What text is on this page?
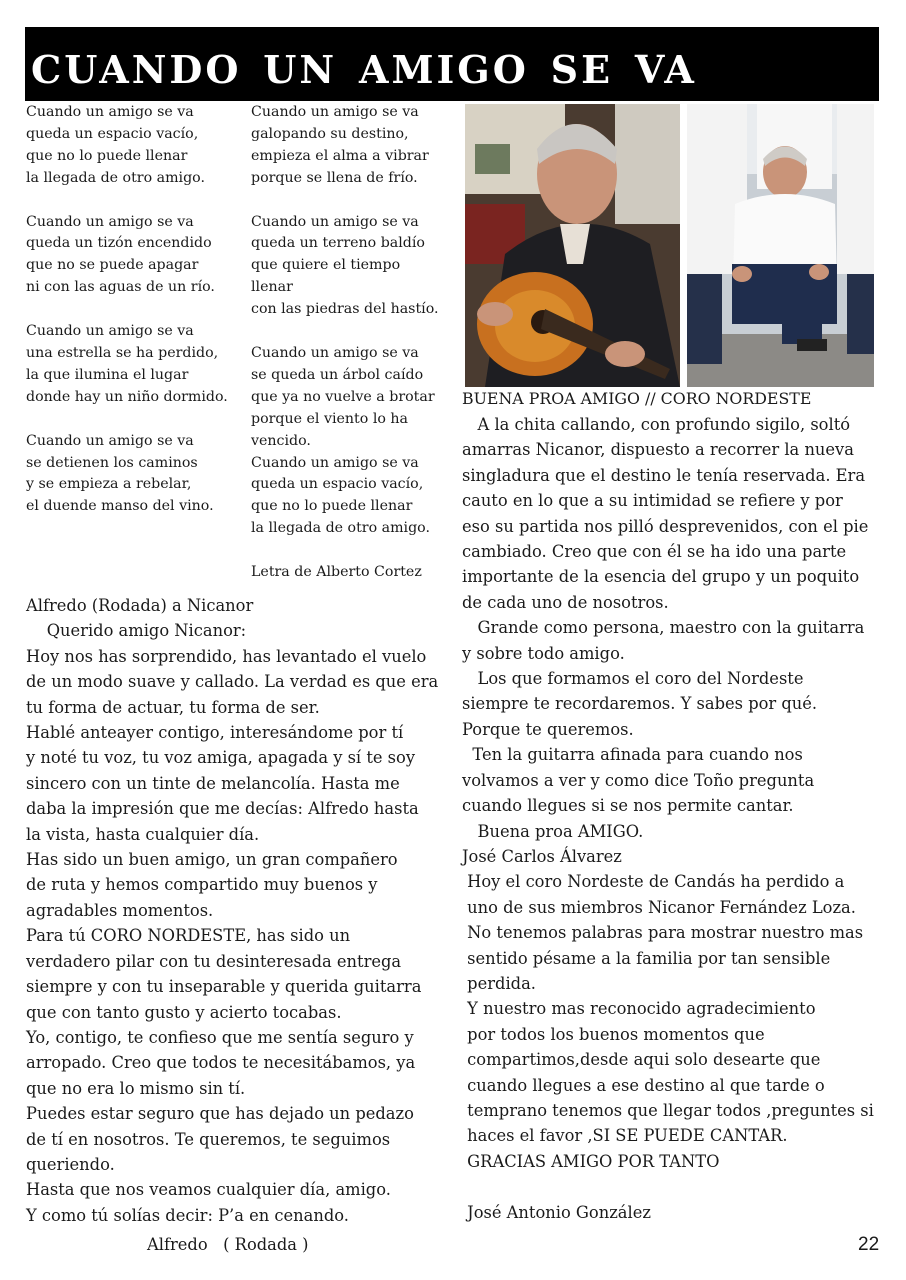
cuando un amigo se va

Cuando un amigo se va

queda un espacio vacío,

que no lo puede llenar

la llegada de otro amigo.

Cuando un amigo se va

queda un tizón encendido

que no se puede apagar

ni con las aguas de un río.

Cuando un amigo se va

una estrella se ha perdido,

la que ilumina el lugar

donde hay un niño dormido.

Cuando un amigo se va

se detienen los caminos

y se empieza a rebelar,

el duende manso del vino.

Cuando un amigo se va

galopando su destino,

empieza el alma a vibrar

porque se llena de frío.

Cuando un amigo se va

queda un terreno baldío

que quiere el tiempo

llenar

con las piedras del hastío.

Cuando un amigo se va

se queda un árbol caído

que ya no vuelve a brotar

porque el viento lo ha

vencido.

Cuando un amigo se va

queda un espacio vacío,

que no lo puede llenar

la llegada de otro amigo.

Letra de Alberto Cortez

BUENA PROA AMIGO // CORO NORDESTE

Alfredo (Rodada) a Nicanor

Querido amigo Nicanor:

Hoy nos has sorprendido, has levantado el vuelo

de un modo suave y callado. La verdad es que era

tu forma de actuar, tu forma de ser.

Hablé anteayer contigo, interesándome por tí

y noté tu voz, tu voz amiga, apagada y sí te soy

sincero con un tinte de melancolía. Hasta me

daba la impresión que me decías: Alfredo hasta

la vista, hasta cualquier día.

Has sido un buen amigo, un gran compañero

de ruta y hemos compartido muy buenos y

agradables momentos.

Para tú CORO NORDESTE, has sido un

verdadero pilar con tu desinteresada entrega

siempre y con tu inseparable y querida guitarra

que con tanto gusto y acierto tocabas.

Yo, contigo, te confieso que me sentía seguro y

arropado. Creo que todos te necesitábamos, ya

que no era lo mismo sin tí.

Puedes estar seguro que has dejado un pedazo

de tí en nosotros. Te queremos, te seguimos

queriendo.

Hasta que nos veamos cualquier día, amigo.

Y como tú solías decir: P’a en cenando.

Alfredo   ( Rodada )

A la chita callando, con profundo sigilo, soltó

amarras Nicanor, dispuesto a recorrer la nueva

singladura que el destino le tenía reservada. Era

cauto en lo que a su intimidad se refiere y por

eso su partida nos pilló desprevenidos, con el pie

cambiado. Creo que con él se ha ido una parte

importante de la esencia del grupo y un poquito

de cada uno de nosotros.

Grande como persona, maestro con la guitarra

y sobre todo amigo.

Los que formamos el coro del Nordeste

siempre te recordaremos. Y sabes por qué.

Porque te queremos.

Ten la guitarra afinada para cuando nos

volvamos a ver y como dice Toño pregunta

cuando llegues si se nos permite cantar.

Buena proa AMIGO.

José Carlos Álvarez

Hoy el coro Nordeste de Candás ha perdido a

uno de sus miembros Nicanor Fernández Loza.

No tenemos palabras para mostrar nuestro mas

sentido pésame a la familia por tan sensible

perdida.

Y nuestro mas reconocido agradecimiento

por todos los buenos momentos que

compartimos,desde aqui solo desearte que

cuando llegues a ese destino al que tarde o

temprano tenemos que llegar todos ,preguntes si

haces el favor ,SI SE PUEDE CANTAR.

GRACIAS AMIGO POR TANTO

José Antonio González

22
